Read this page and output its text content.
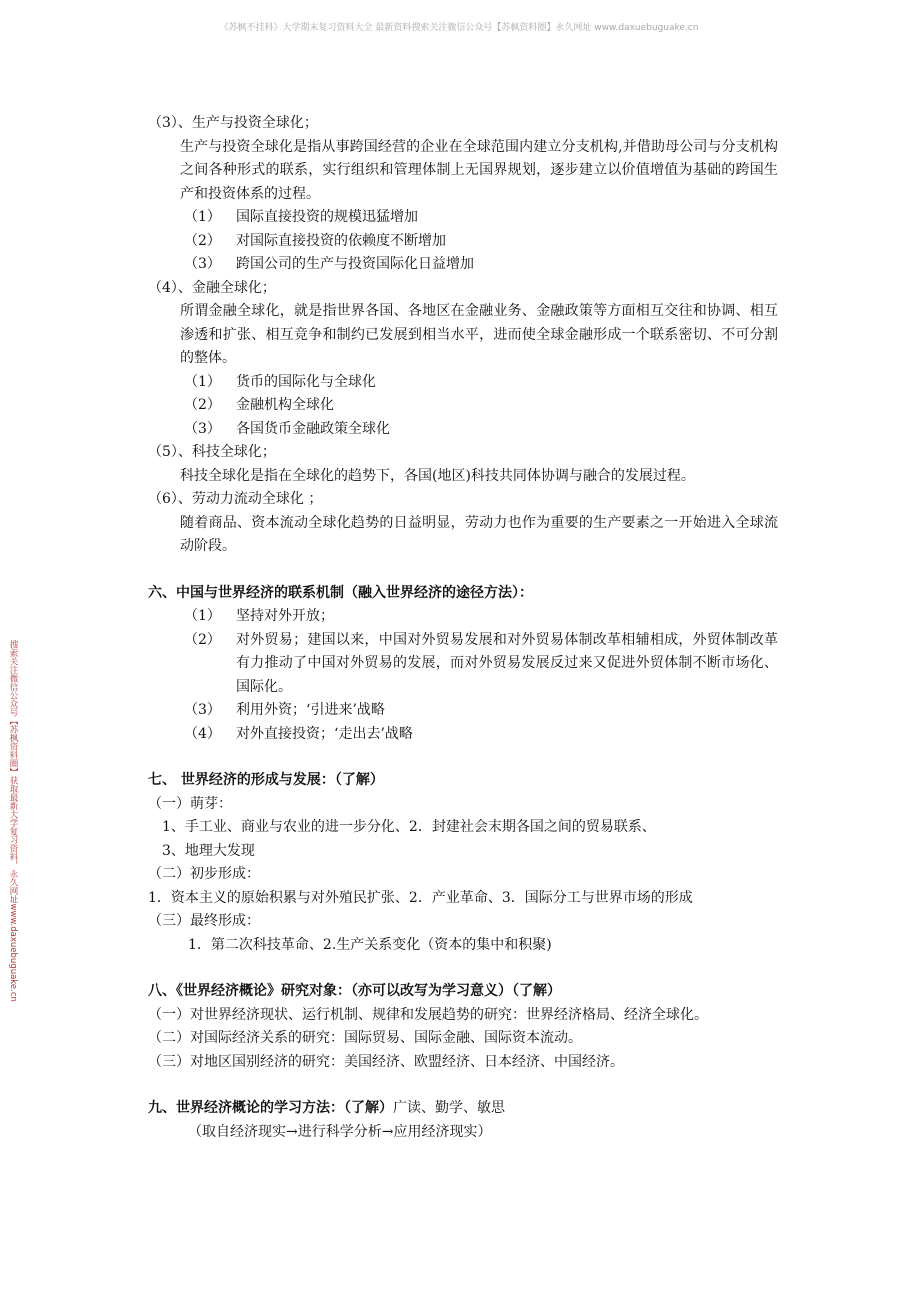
《苏枫不挂科》大学期末复习资料大全 最新资料搜索关注微信公众号【苏枫资料圈】永久网址 www.daxuebuguake.cn
搜索关注微信公众号【苏枫资料圈】获取最新大学复习资料，永久网址www.daxuebuguake.cn
（3）、生产与投资全球化；
生产与投资全球化是指从事跨国经营的企业在全球范围内建立分支机构,并借助母公司与分支机构之间各种形式的联系，实行组织和管理体制上无国界规划，逐步建立以价值增值为基础的跨国生产和投资体系的过程。
（1）	国际直接投资的规模迅猛增加
（2）	对国际直接投资的依赖度不断增加
（3）	跨国公司的生产与投资国际化日益增加
（4）、金融全球化；
所谓金融全球化，就是指世界各国、各地区在金融业务、金融政策等方面相互交往和协调、相互渗透和扩张、相互竞争和制约已发展到相当水平，进而使全球金融形成一个联系密切、不可分割的整体。
（1）	货币的国际化与全球化
（2）	金融机构全球化
（3）	各国货币金融政策全球化
（5）、科技全球化；
科技全球化是指在全球化的趋势下，各国(地区)科技共同体协调与融合的发展过程。
（6）、劳动力流动全球化 ；
随着商品、资本流动全球化趋势的日益明显，劳动力也作为重要的生产要素之一开始进入全球流动阶段。
六、中国与世界经济的联系机制（融入世界经济的途径方法）：
（1）	坚持对外开放；
（2）	对外贸易；建国以来，中国对外贸易发展和对外贸易体制改革相辅相成，外贸体制改革有力推动了中国对外贸易的发展，而对外贸易发展反过来又促进外贸体制不断市场化、国际化。
（3）	利用外资；‘引进来’战略
（4）	对外直接投资；‘走出去’战略
七、 世界经济的形成与发展：（了解）
（一）萌芽：
1、手工业、商业与农业的进一步分化、2．封建社会末期各国之间的贸易联系、
3、地理大发现
（二）初步形成：
1．资本主义的原始积累与对外殖民扩张、2．产业革命、3．国际分工与世界市场的形成
（三）最终形成：
1．第二次科技革命、2.生产关系变化（资本的集中和积聚)
八、《世界经济概论》研究对象：（亦可以改写为学习意义）（了解）
（一）对世界经济现状、运行机制、规律和发展趋势的研究：世界经济格局、经济全球化。
（二）对国际经济关系的研究：国际贸易、国际金融、国际资本流动。
（三）对地区国别经济的研究：美国经济、欧盟经济、日本经济、中国经济。
九、世界经济概论的学习方法：（了解）广读、勤学、敏思
（取自经济现实→进行科学分析→应用经济现实）
